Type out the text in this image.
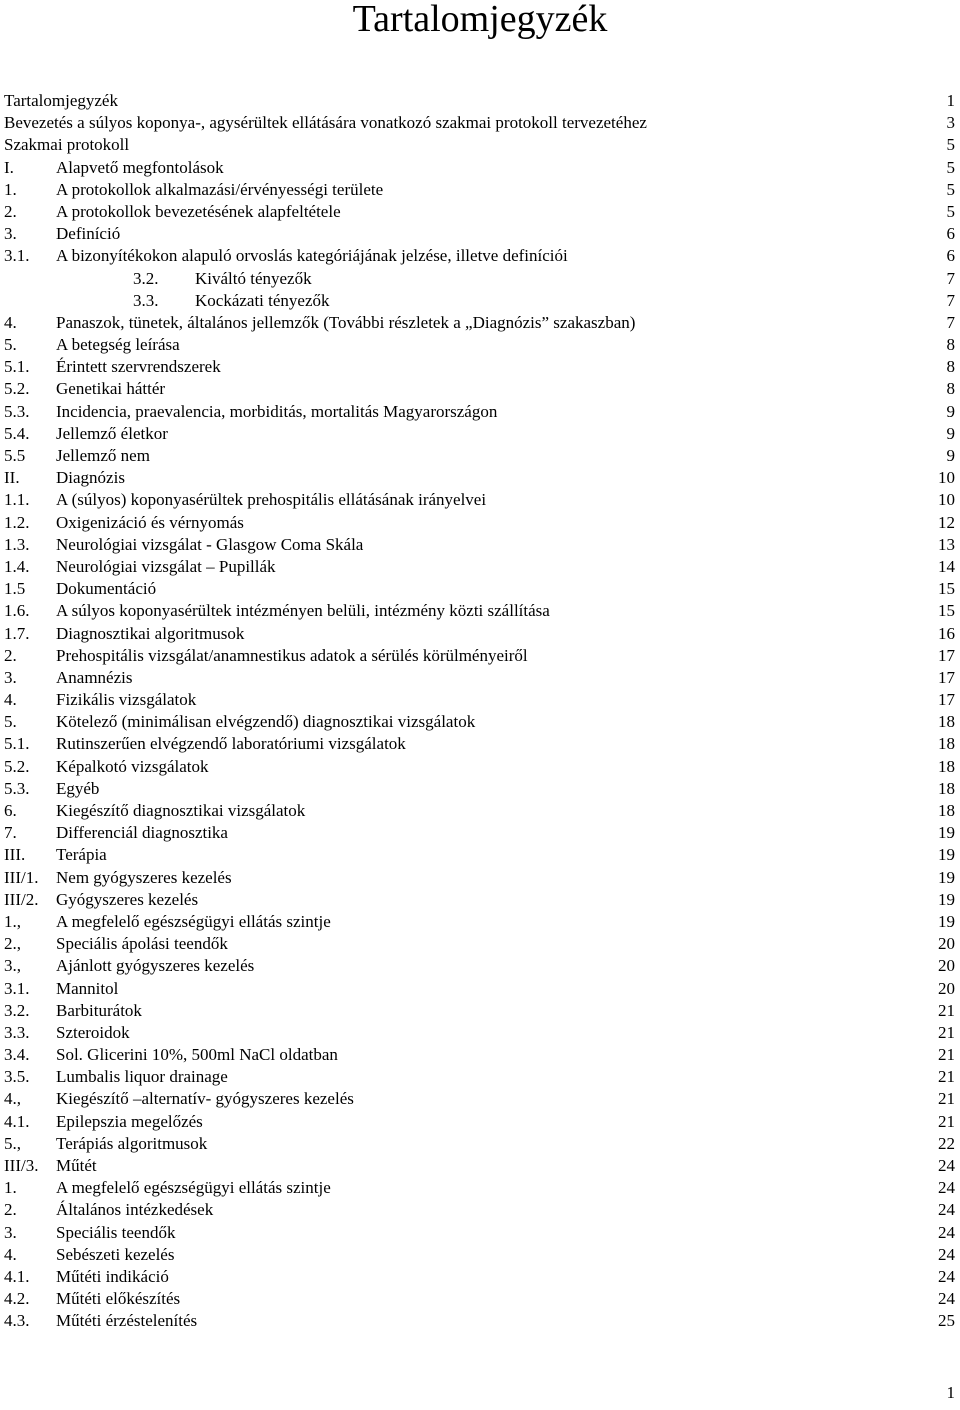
Tartalomjegyzék
Tartalomjegyzék	1
Bevezetés a súlyos koponya-, agysérültek ellátására vonatkozó szakmai protokoll tervezetéhez	3
Szakmai protokoll	5
I. Alapvető megfontolások	5
1. A protokollok alkalmazási/érvényességi területe	5
2. A protokollok bevezetésének alapfeltétele	5
3. Definíció	6
3.1. A bizonyítékokon alapuló orvoslás kategóriájának jelzése, illetve definíciói	6
3.2. Kiváltó tényezők	7
3.3. Kockázati tényezők	7
4. Panaszok, tünetek, általános jellemzők (További részletek a „Diagnózis” szakaszban)	7
5. A betegség leírása	8
5.1. Érintett szervrendszerek	8
5.2. Genetikai háttér	8
5.3. Incidencia, praevalencia, morbiditás, mortalitás Magyarországon	9
5.4. Jellemző életkor	9
5.5 Jellemző nem	9
II. Diagnózis	10
1.1. A (súlyos) koponyasérültek prehospitális ellátásának irányelvei	10
1.2. Oxigenizáció és vérnyomás	12
1.3. Neurológiai vizsgálat - Glasgow Coma Skála	13
1.4. Neurológiai vizsgálat – Pupillák	14
1.5 Dokumentáció	15
1.6. A súlyos koponyasérültek intézményen belüli, intézmény közti szállítása	15
1.7. Diagnosztikai algoritmusok	16
2. Prehospitális vizsgálat/anamnestikus adatok a sérülés körülményeiről	17
3. Anamnézis	17
4. Fizikális vizsgálatok	17
5. Kötelező (minimálisan elvégzendő) diagnosztikai vizsgálatok	18
5.1. Rutinszerűen elvégzendő laboratóriumi vizsgálatok	18
5.2. Képalkotó vizsgálatok	18
5.3. Egyéb	18
6. Kiegészítő diagnosztikai vizsgálatok	18
7. Differenciál diagnosztika	19
III. Terápia	19
III/1. Nem gyógyszeres kezelés	19
III/2. Gyógyszeres kezelés	19
1., A megfelelő egészségügyi ellátás szintje	19
2., Speciális ápolási teendők	20
3., Ajánlott gyógyszeres kezelés	20
3.1. Mannitol	20
3.2. Barbiturátok	21
3.3. Szteroidok	21
3.4. Sol. Glicerini 10%, 500ml NaCl oldatban	21
3.5. Lumbalis liquor drainage	21
4., Kiegészítő –alternatív- gyógyszeres kezelés	21
4.1. Epilepszia megelőzés	21
5., Terápiás algoritmusok	22
III/3. Műtét	24
1. A megfelelő egészségügyi ellátás szintje	24
2. Általános intézkedések	24
3. Speciális teendők	24
4. Sebészeti kezelés	24
4.1. Műtéti indikáció	24
4.2. Műtéti előkészítés	24
4.3. Műtéti érzéstelenítés	25
1
